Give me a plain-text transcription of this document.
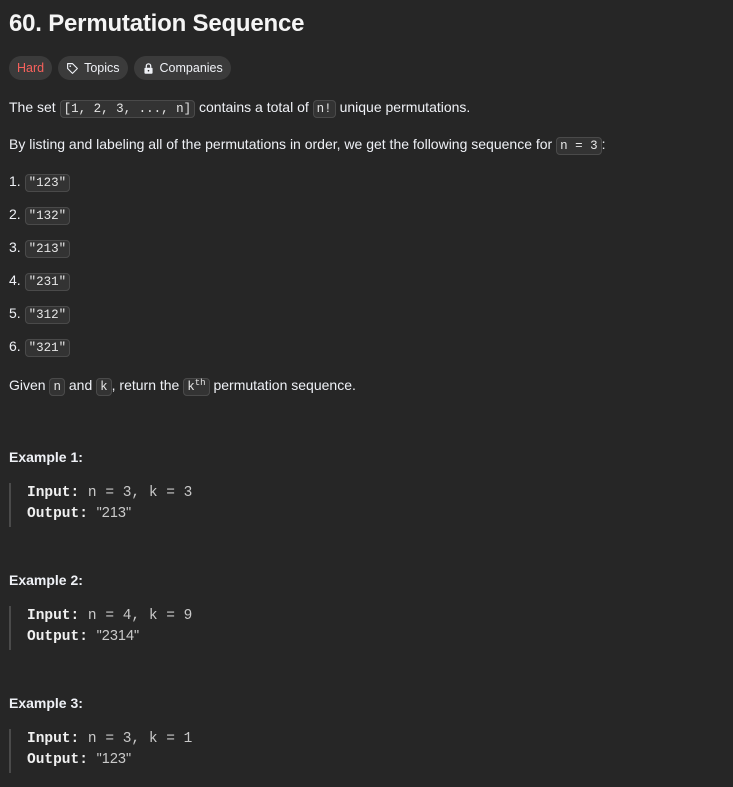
60. Permutation Sequence
Hard	Topics	Companies

The set [1, 2, 3, ..., n] contains a total of n! unique permutations.

By listing and labeling all of the permutations in order, we get the following sequence for n = 3 :

1. "123"
2. "132"
3. "213"
4. "231"
5. "312"
6. "321"

Given n and k , return the $k^{th}$ permutation sequence.

Example 1:
Input: n = 3, k = 3
Output: "213"
Example 2:
Input: n = 4, k = 9
Output: "2314"
Example 3:
Input: n = 3, k = 1
Output: "123"
